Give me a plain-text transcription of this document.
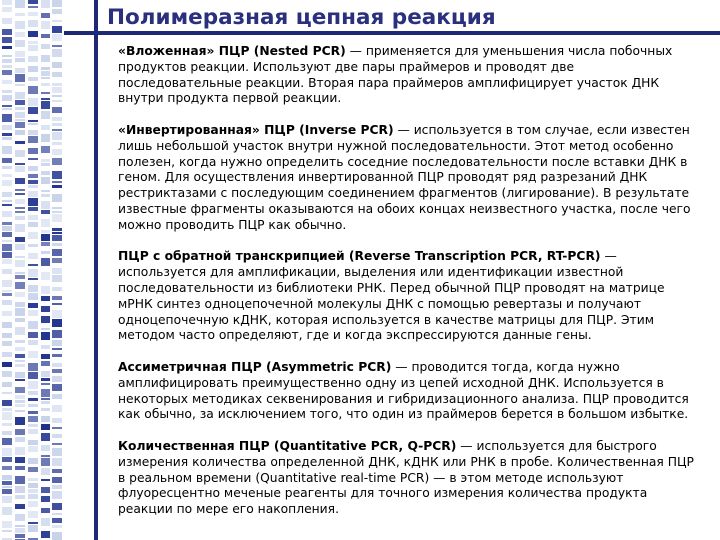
Полимеразная цепная реакция

«Вложенная» ПЦР (Nested PCR) — применяется для уменьшения числа побочных продуктов реакции. Используют две пары праймеров и проводят две последовательные реакции. Вторая пара праймеров амплифицирует участок ДНК внутри продукта первой реакции.

«Инвертированная» ПЦР (Inverse PCR) — используется в том случае, если известен лишь небольшой участок внутри нужной последовательности. Этот метод особенно полезен, когда нужно определить соседние последовательности после вставки ДНК в геном. Для осуществления инвертированной ПЦР проводят ряд разрезаний ДНК рестриктазами с последующим соединением фрагментов (лигирование). В результате известные фрагменты оказываются на обоих концах неизвестного участка, после чего можно проводить ПЦР как обычно.

ПЦР с обратной транскрипцией (Reverse Transcription PCR, RT-PCR) — используется для амплификации, выделения или идентификации известной последовательности из библиотеки РНК. Перед обычной ПЦР проводят на матрице мРНК синтез одноцепочечной молекулы ДНК с помощью ревертазы и получают одноцепочечную кДНК, которая используется в качестве матрицы для ПЦР. Этим методом часто определяют, где и когда экспрессируются данные гены.

Ассиметричная ПЦР (Asymmetric PCR) — проводится тогда, когда нужно амплифицировать преимущественно одну из цепей исходной ДНК. Используется в некоторых методиках секвенирования и гибридизационного анализа. ПЦР проводится как обычно, за исключением того, что один из праймеров берется в большом избытке.

Количественная ПЦР (Quantitative PCR, Q-PCR) — используется для быстрого измерения количества определенной ДНК, кДНК или РНК в пробе. Количественная ПЦР в реальном времени (Quantitative real-time PCR) — в этом методе используют флуоресцентно меченые реагенты для точного измерения количества продукта реакции по мере его накопления.
